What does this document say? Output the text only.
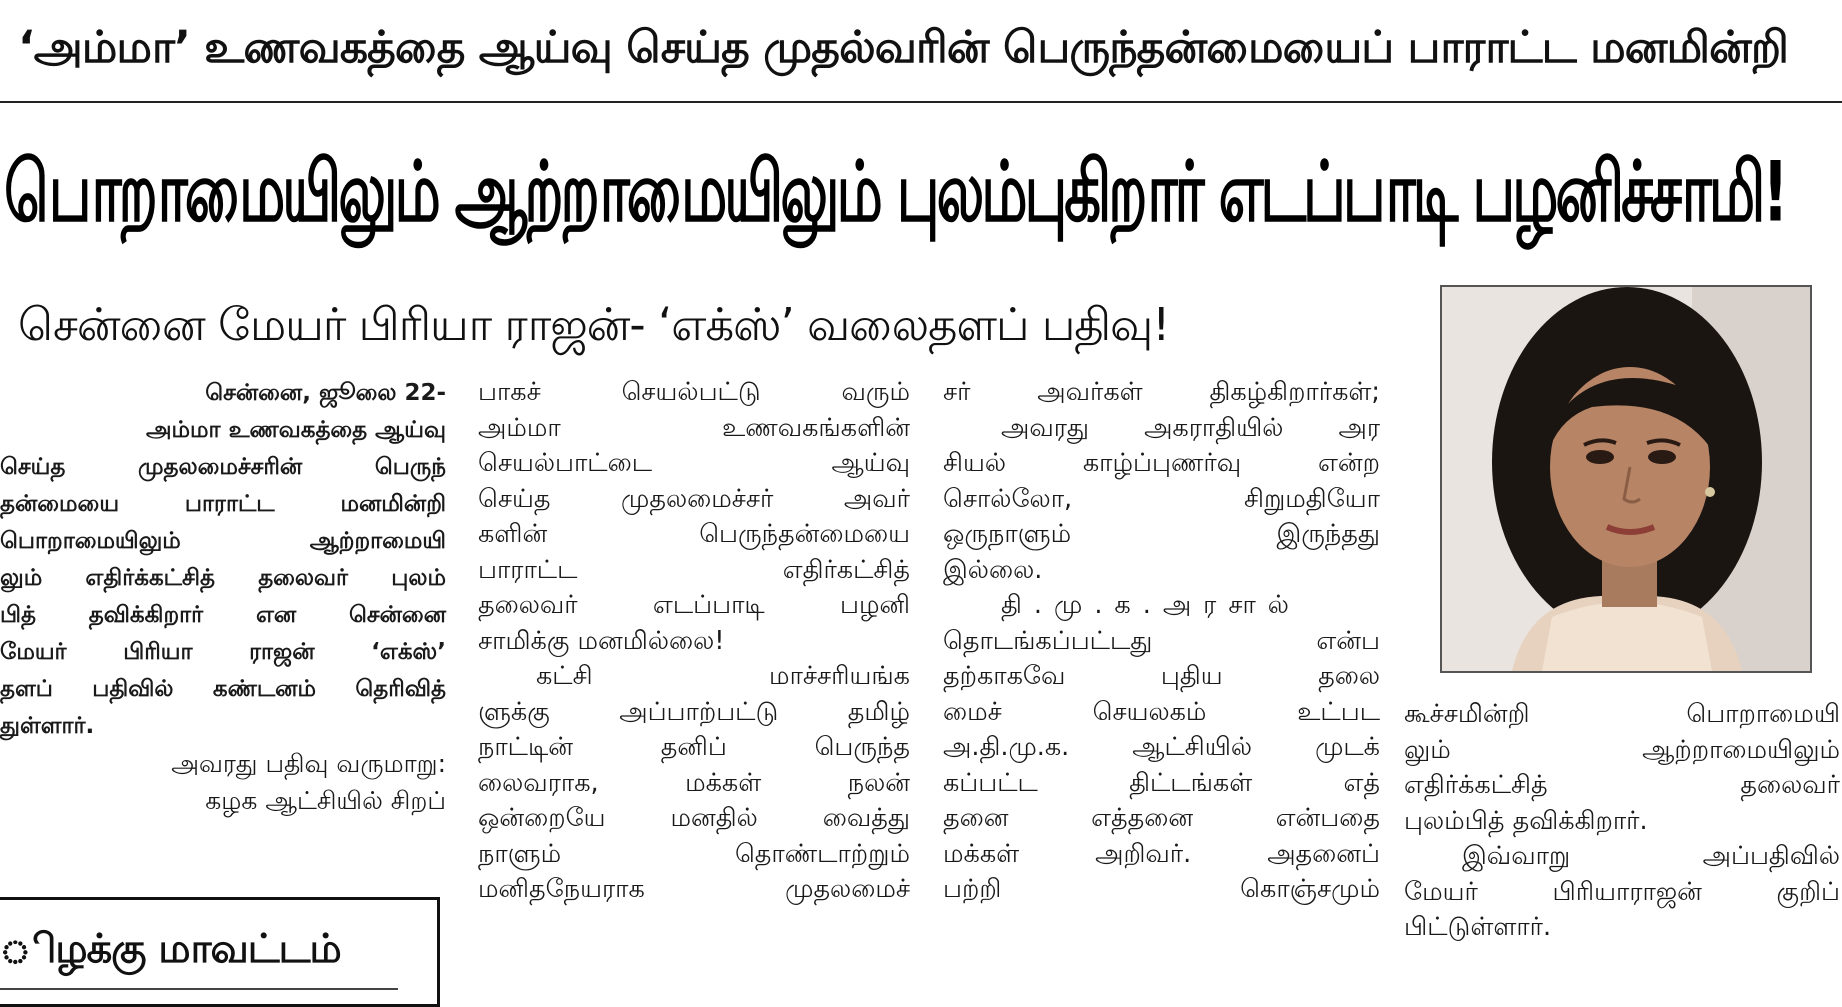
‘அம்மா’ உணவகத்தை ஆய்வு செய்த முதல்வரின் பெருந்தன்மையைப் பாராட்ட மனமின்றி
பொறாமையிலும் ஆற்றாமையிலும் புலம்புகிறார் எடப்பாடி பழனிச்சாமி!
சென்னை மேயர் பிரியா ராஜன்- ‘எக்ஸ்’ வலைதளப் பதிவு!

சென்னை, ஜூலை 22-

அம்மா உணவகத்தை ஆய்வு

செய்த முதலமைச்சரின் பெருந்

தன்மையை பாராட்ட மனமின்றி

பொறாமையிலும் ஆற்றாமையி

லும் எதிர்க்கட்சித் தலைவர் புலம்

பித் தவிக்கிறார் என சென்னை

மேயர் பிரியா ராஜன் ‘எக்ஸ்’

தளப் பதிவில் கண்டனம் தெரிவித்

துள்ளார்.

அவரது பதிவு வருமாறு:

கழக ஆட்சியில் சிறப்

பாகச் செயல்பட்டு வரும்

அம்மா உணவகங்களின்

செயல்பாட்டை ஆய்வு

செய்த முதலமைச்சர் அவர்

களின் பெருந்தன்மையை

பாராட்ட எதிர்கட்சித்

தலைவர் எடப்பாடி பழனி

சாமிக்கு மனமில்லை!

கட்சி மாச்சரியங்க

ளுக்கு அப்பாற்பட்டு தமிழ்

நாட்டின் தனிப் பெருந்த

லைவராக, மக்கள் நலன்

ஒன்றையே மனதில் வைத்து

நாளும் தொண்டாற்றும்

மனிதநேயராக முதலமைச்

சர் அவர்கள் திகழ்கிறார்கள்;

அவரது அகராதியில் அர

சியல் காழ்ப்புணர்வு என்ற

சொல்லோ, சிறுமதியோ

ஒருநாளும் இருந்தது

இல்லை.

தி.மு.க.அரசால்

தொடங்கப்பட்டது என்ப

தற்காகவே புதிய தலை

மைச் செயலகம் உட்பட

அ.தி.மு.க. ஆட்சியில் முடக்

கப்பட்ட திட்டங்கள் எத்

தனை எத்தனை என்பதை

மக்கள் அறிவர். அதனைப்

பற்றி கொஞ்சமும்

கூச்சமின்றி பொறாமையி

லும் ஆற்றாமையிலும்

எதிர்க்கட்சித் தலைவர்

புலம்பித் தவிக்கிறார்.

இவ்வாறு அப்பதிவில்

மேயர் பிரியாராஜன் குறிப்

பிட்டுள்ளார்.

ிழக்கு மாவட்டம்
